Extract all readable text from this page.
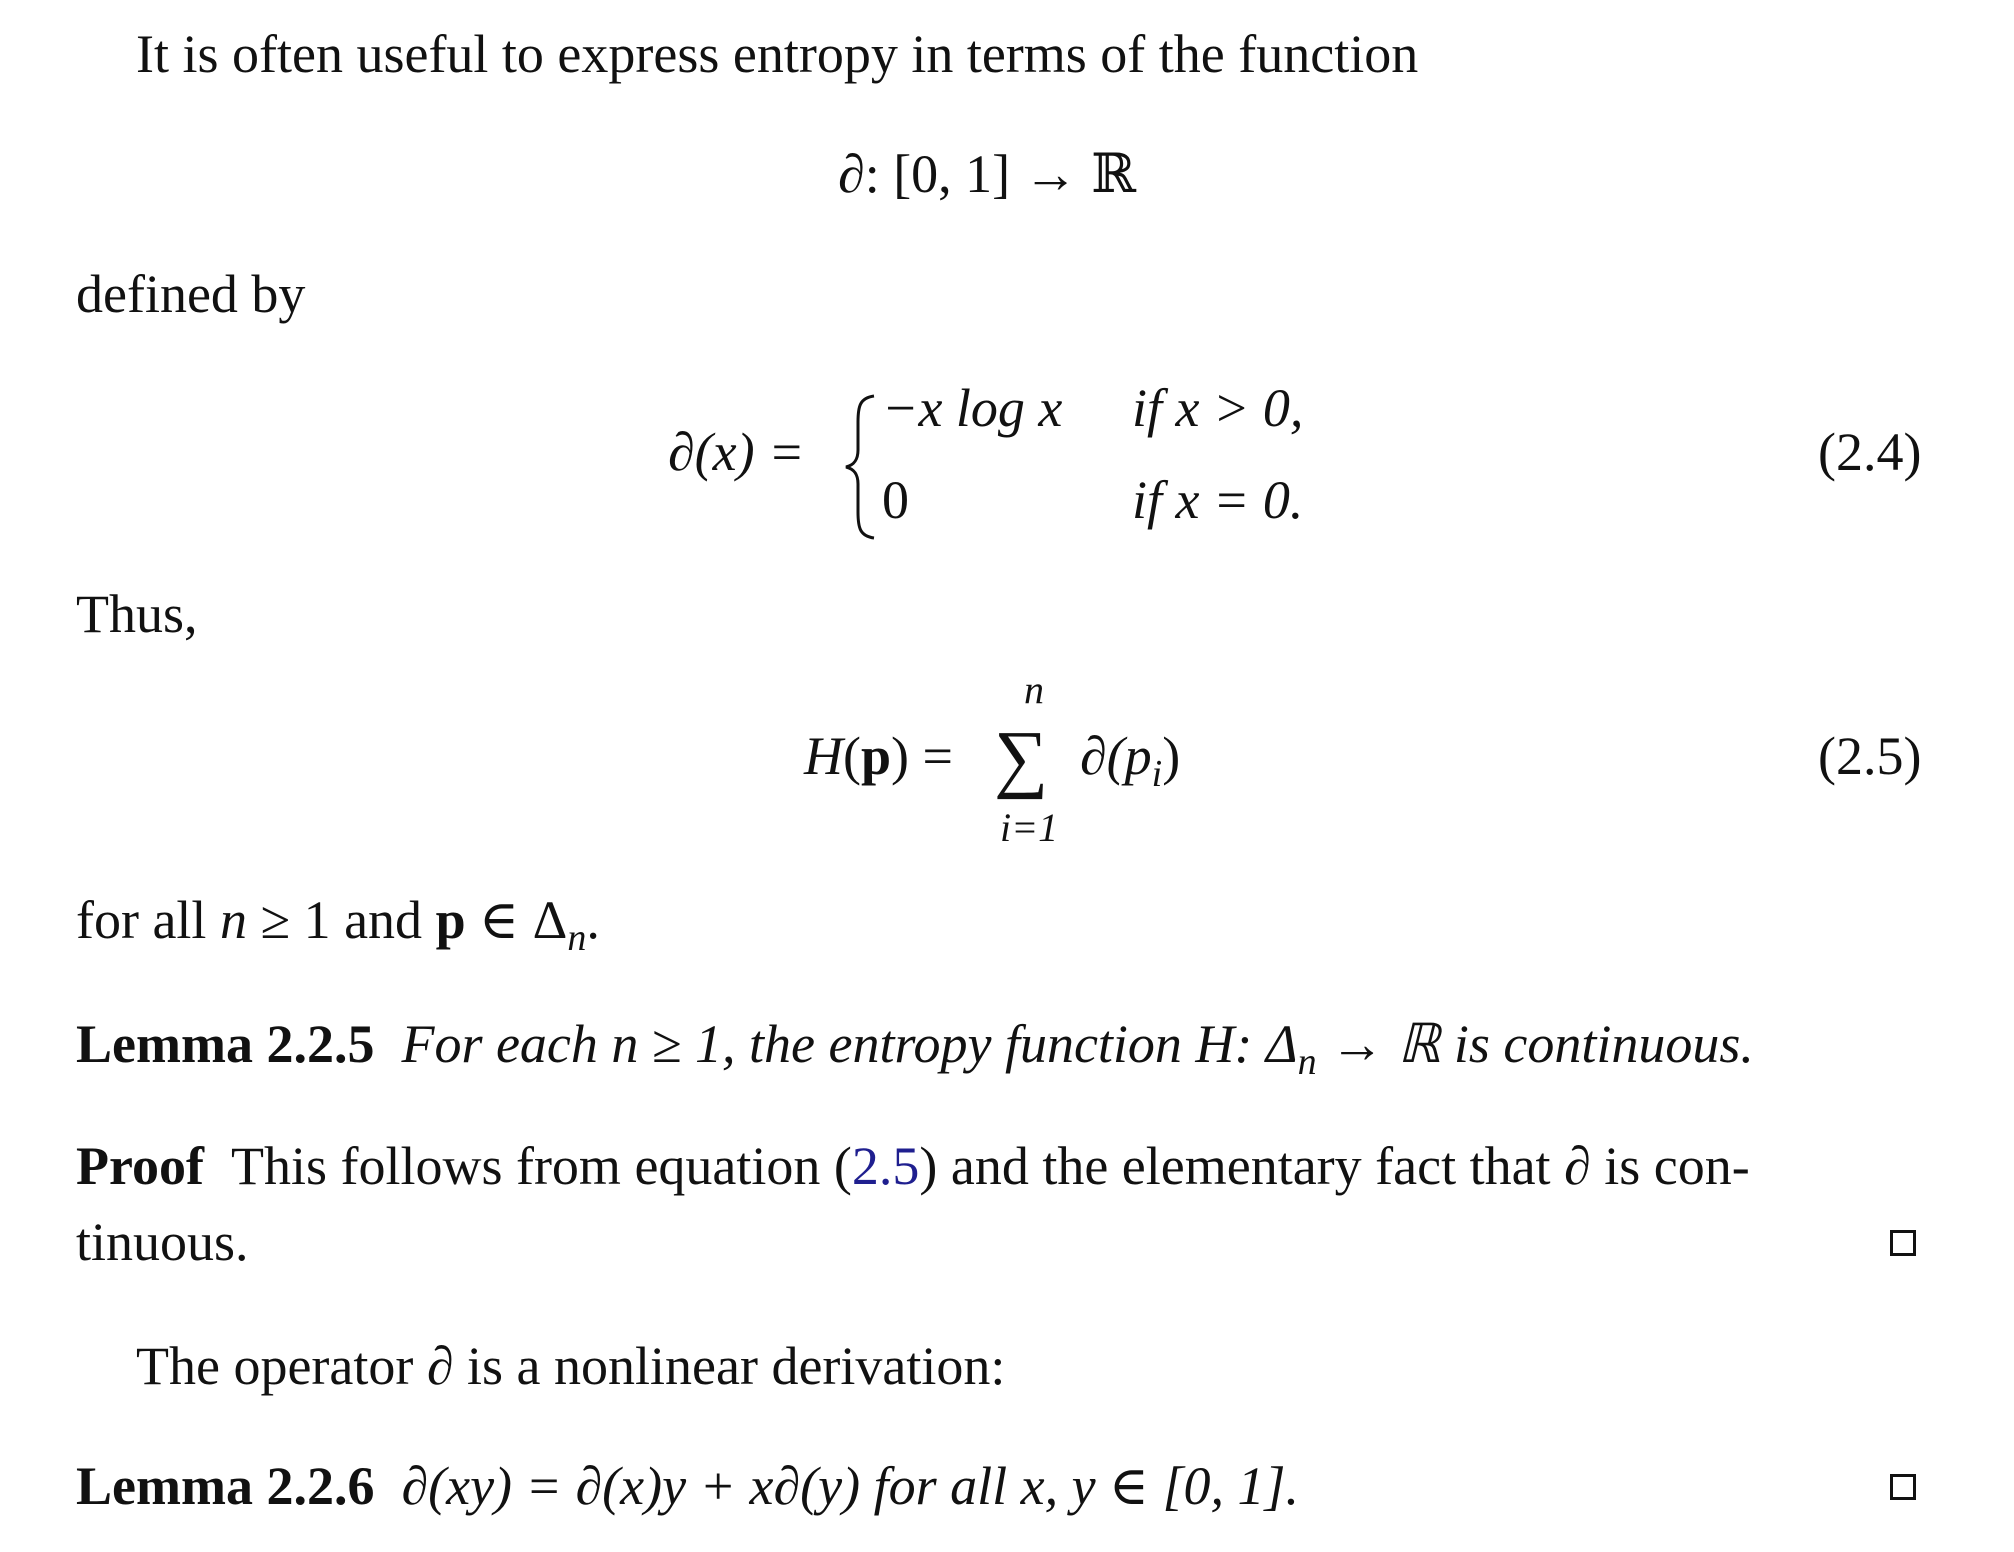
It is often useful to express entropy in terms of the function
∂: [0, 1] → ℝ
defined by
∂(x) =
−x log x if x > 0,
0	if x = 0.
(2.4)
Thus,
H(p) =
n
∑
i=1
$\partial(p_i)$	(2.5)
for all n ≥ 1 and p ∈ $\Delta_n$.
Lemma 2.2.5 For each n ≥ 1, the entropy function H: $\Delta_n$ → ℝ is continuous.
Proof This follows from equation (2.5) and the elementary fact that ∂ is con-
tinuous.
The operator ∂ is a nonlinear derivation:
Lemma 2.2.6 ∂(xy) = ∂(x)y + x∂(y) for all x, y ∈ [0, 1].
